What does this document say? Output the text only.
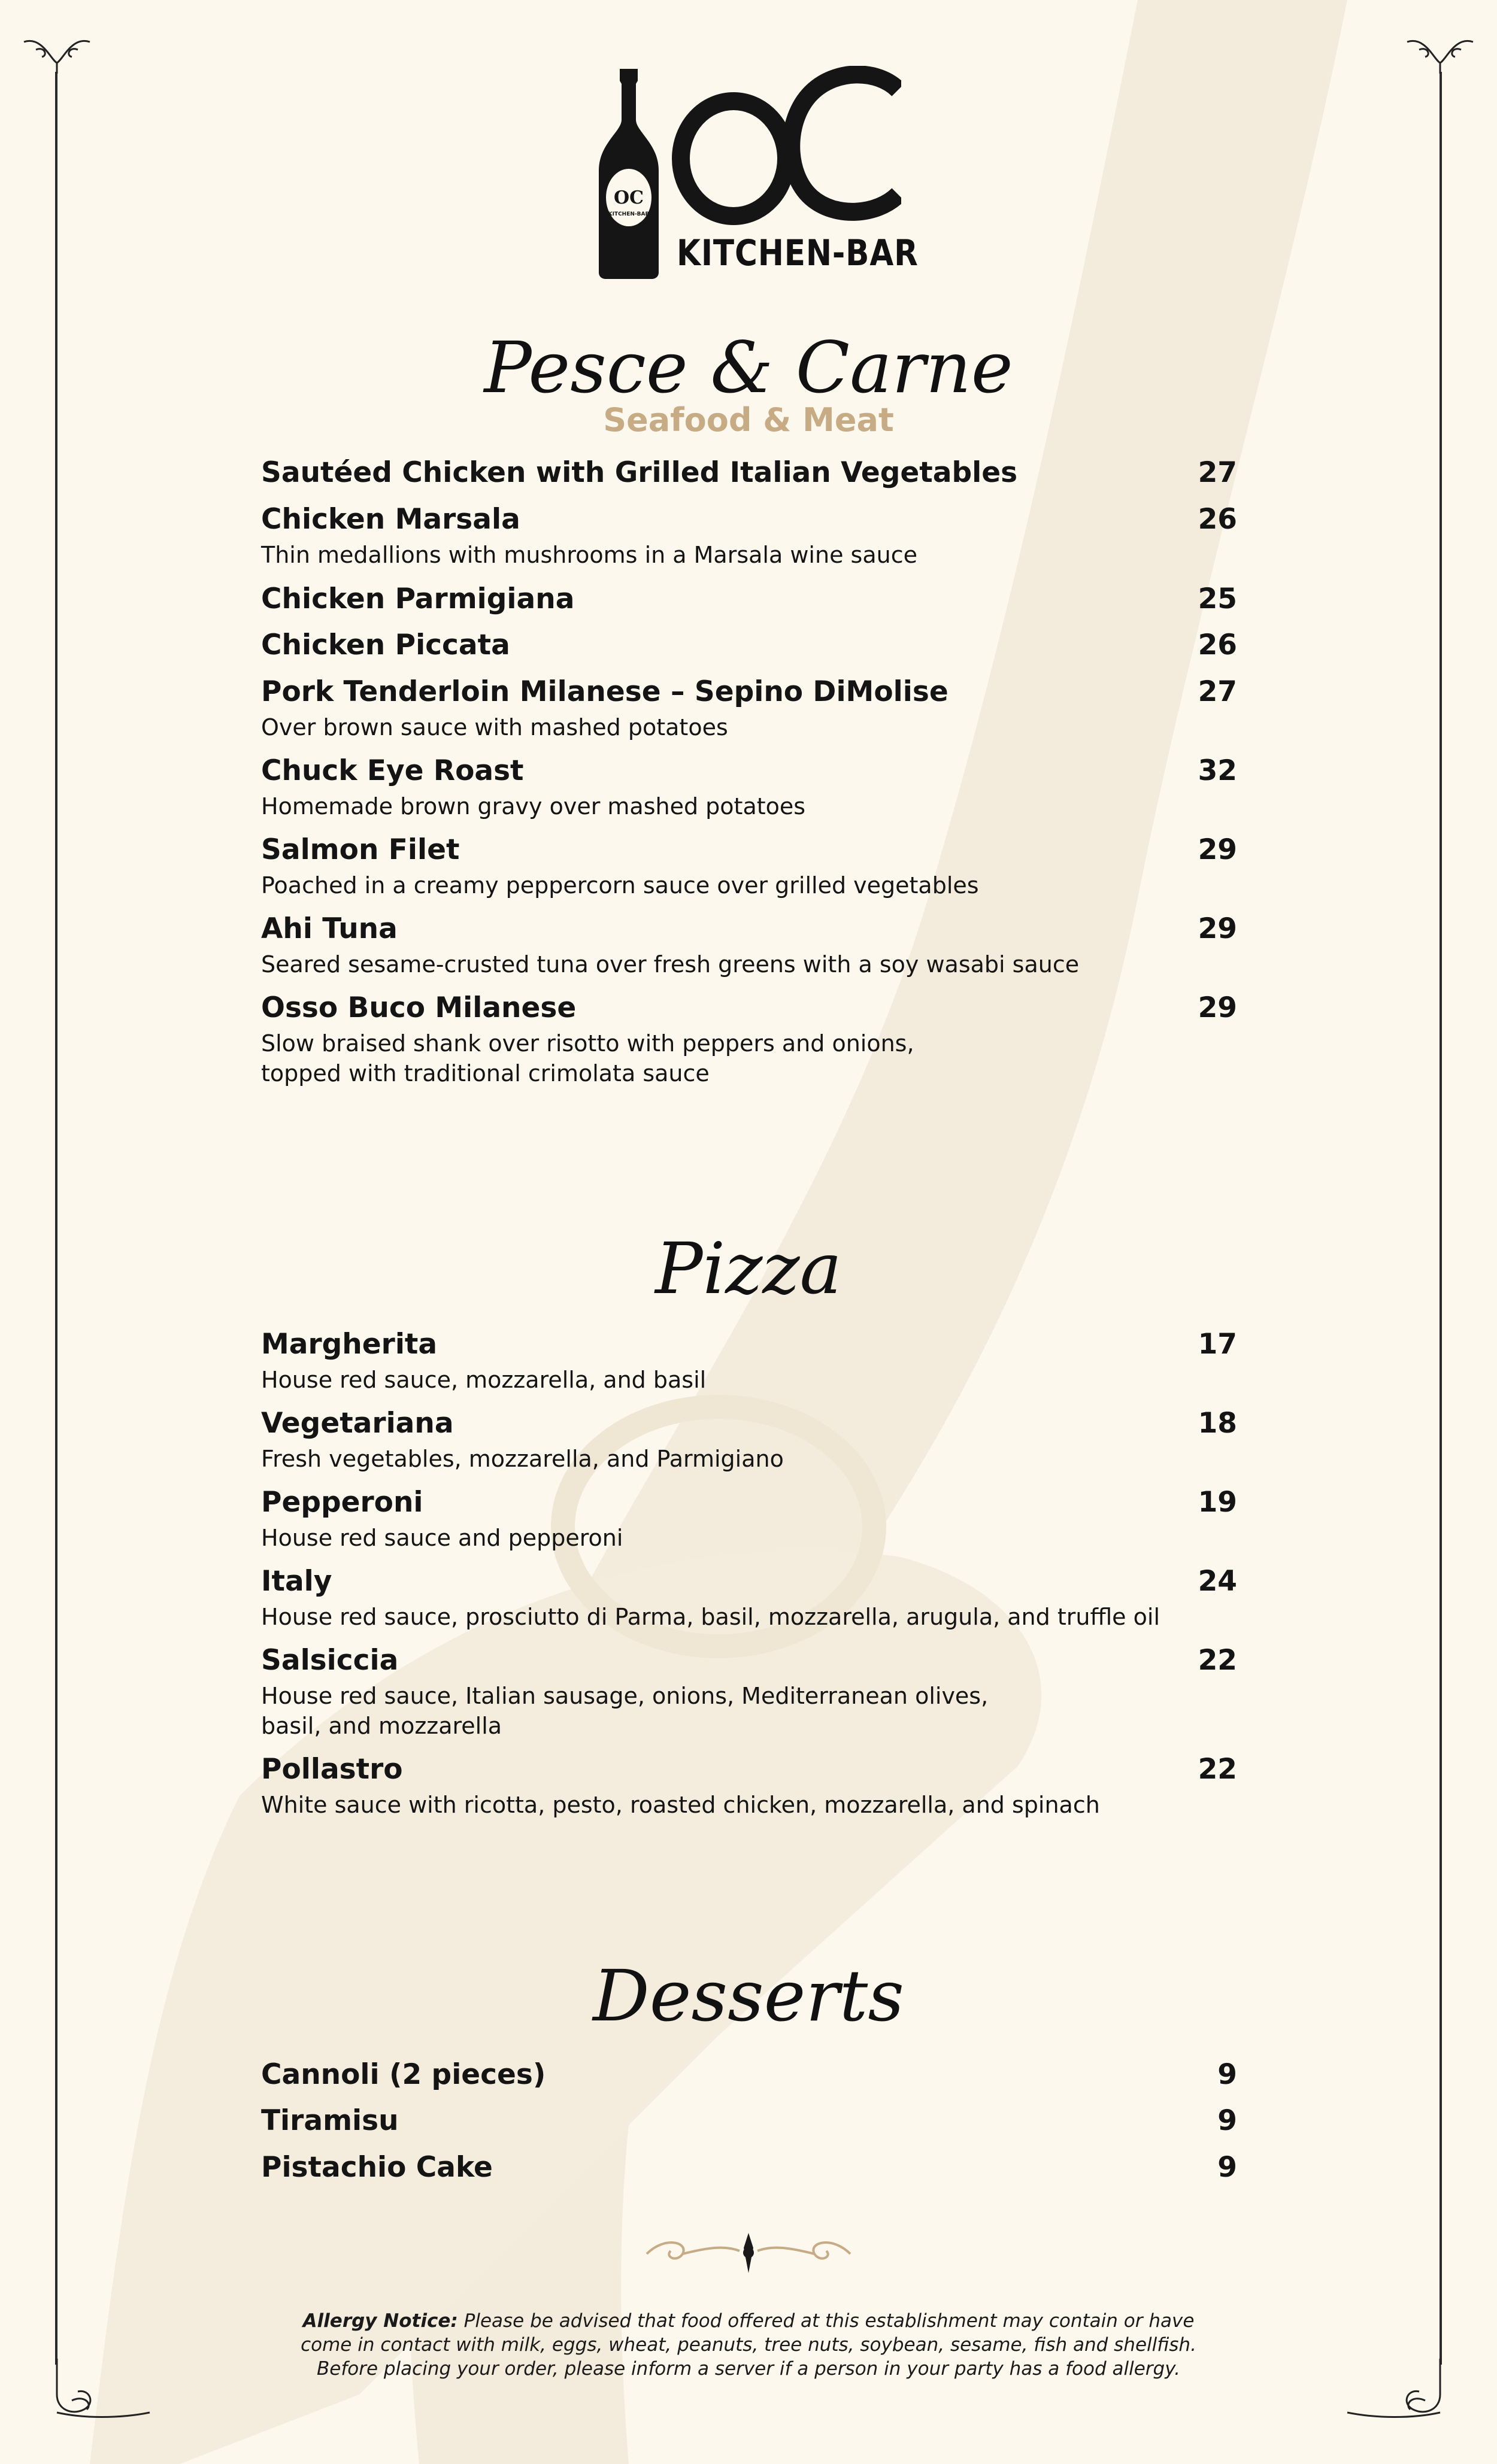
KITCHEN-BAR
OC
KITCHEN-BAR
Pesce & Carne
Seafood & Meat
Sautéed Chicken with Grilled Italian Vegetables	27
Chicken Marsala	26
Thin medallions with mushrooms in a Marsala wine sauce
Chicken Parmigiana	25
Chicken Piccata	26
Pork Tenderloin Milanese – Sepino DiMolise	27
Over brown sauce with mashed potatoes
Chuck Eye Roast	32
Homemade brown gravy over mashed potatoes
Salmon Filet	29
Poached in a creamy peppercorn sauce over grilled vegetables
Ahi Tuna	29
Seared sesame-crusted tuna over fresh greens with a soy wasabi sauce
Osso Buco Milanese	29
Slow braised shank over risotto with peppers and onions,
topped with traditional crimolata sauce
Pizza
Margherita	17
House red sauce, mozzarella, and basil
Vegetariana	18
Fresh vegetables, mozzarella, and Parmigiano
Pepperoni	19
House red sauce and pepperoni
Italy	24
House red sauce, prosciutto di Parma, basil, mozzarella, arugula, and truffle oil
Salsiccia	22
House red sauce, Italian sausage, onions, Mediterranean olives,
basil, and mozzarella
Pollastro	22
White sauce with ricotta, pesto, roasted chicken, mozzarella, and spinach
Desserts
Cannoli (2 pieces)	9
Tiramisu	9
Pistachio Cake	9
Allergy Notice: Please be advised that food offered at this establishment may contain or have
come in contact with milk, eggs, wheat, peanuts, tree nuts, soybean, sesame, fish and shellfish.
Before placing your order, please inform a server if a person in your party has a food allergy.
